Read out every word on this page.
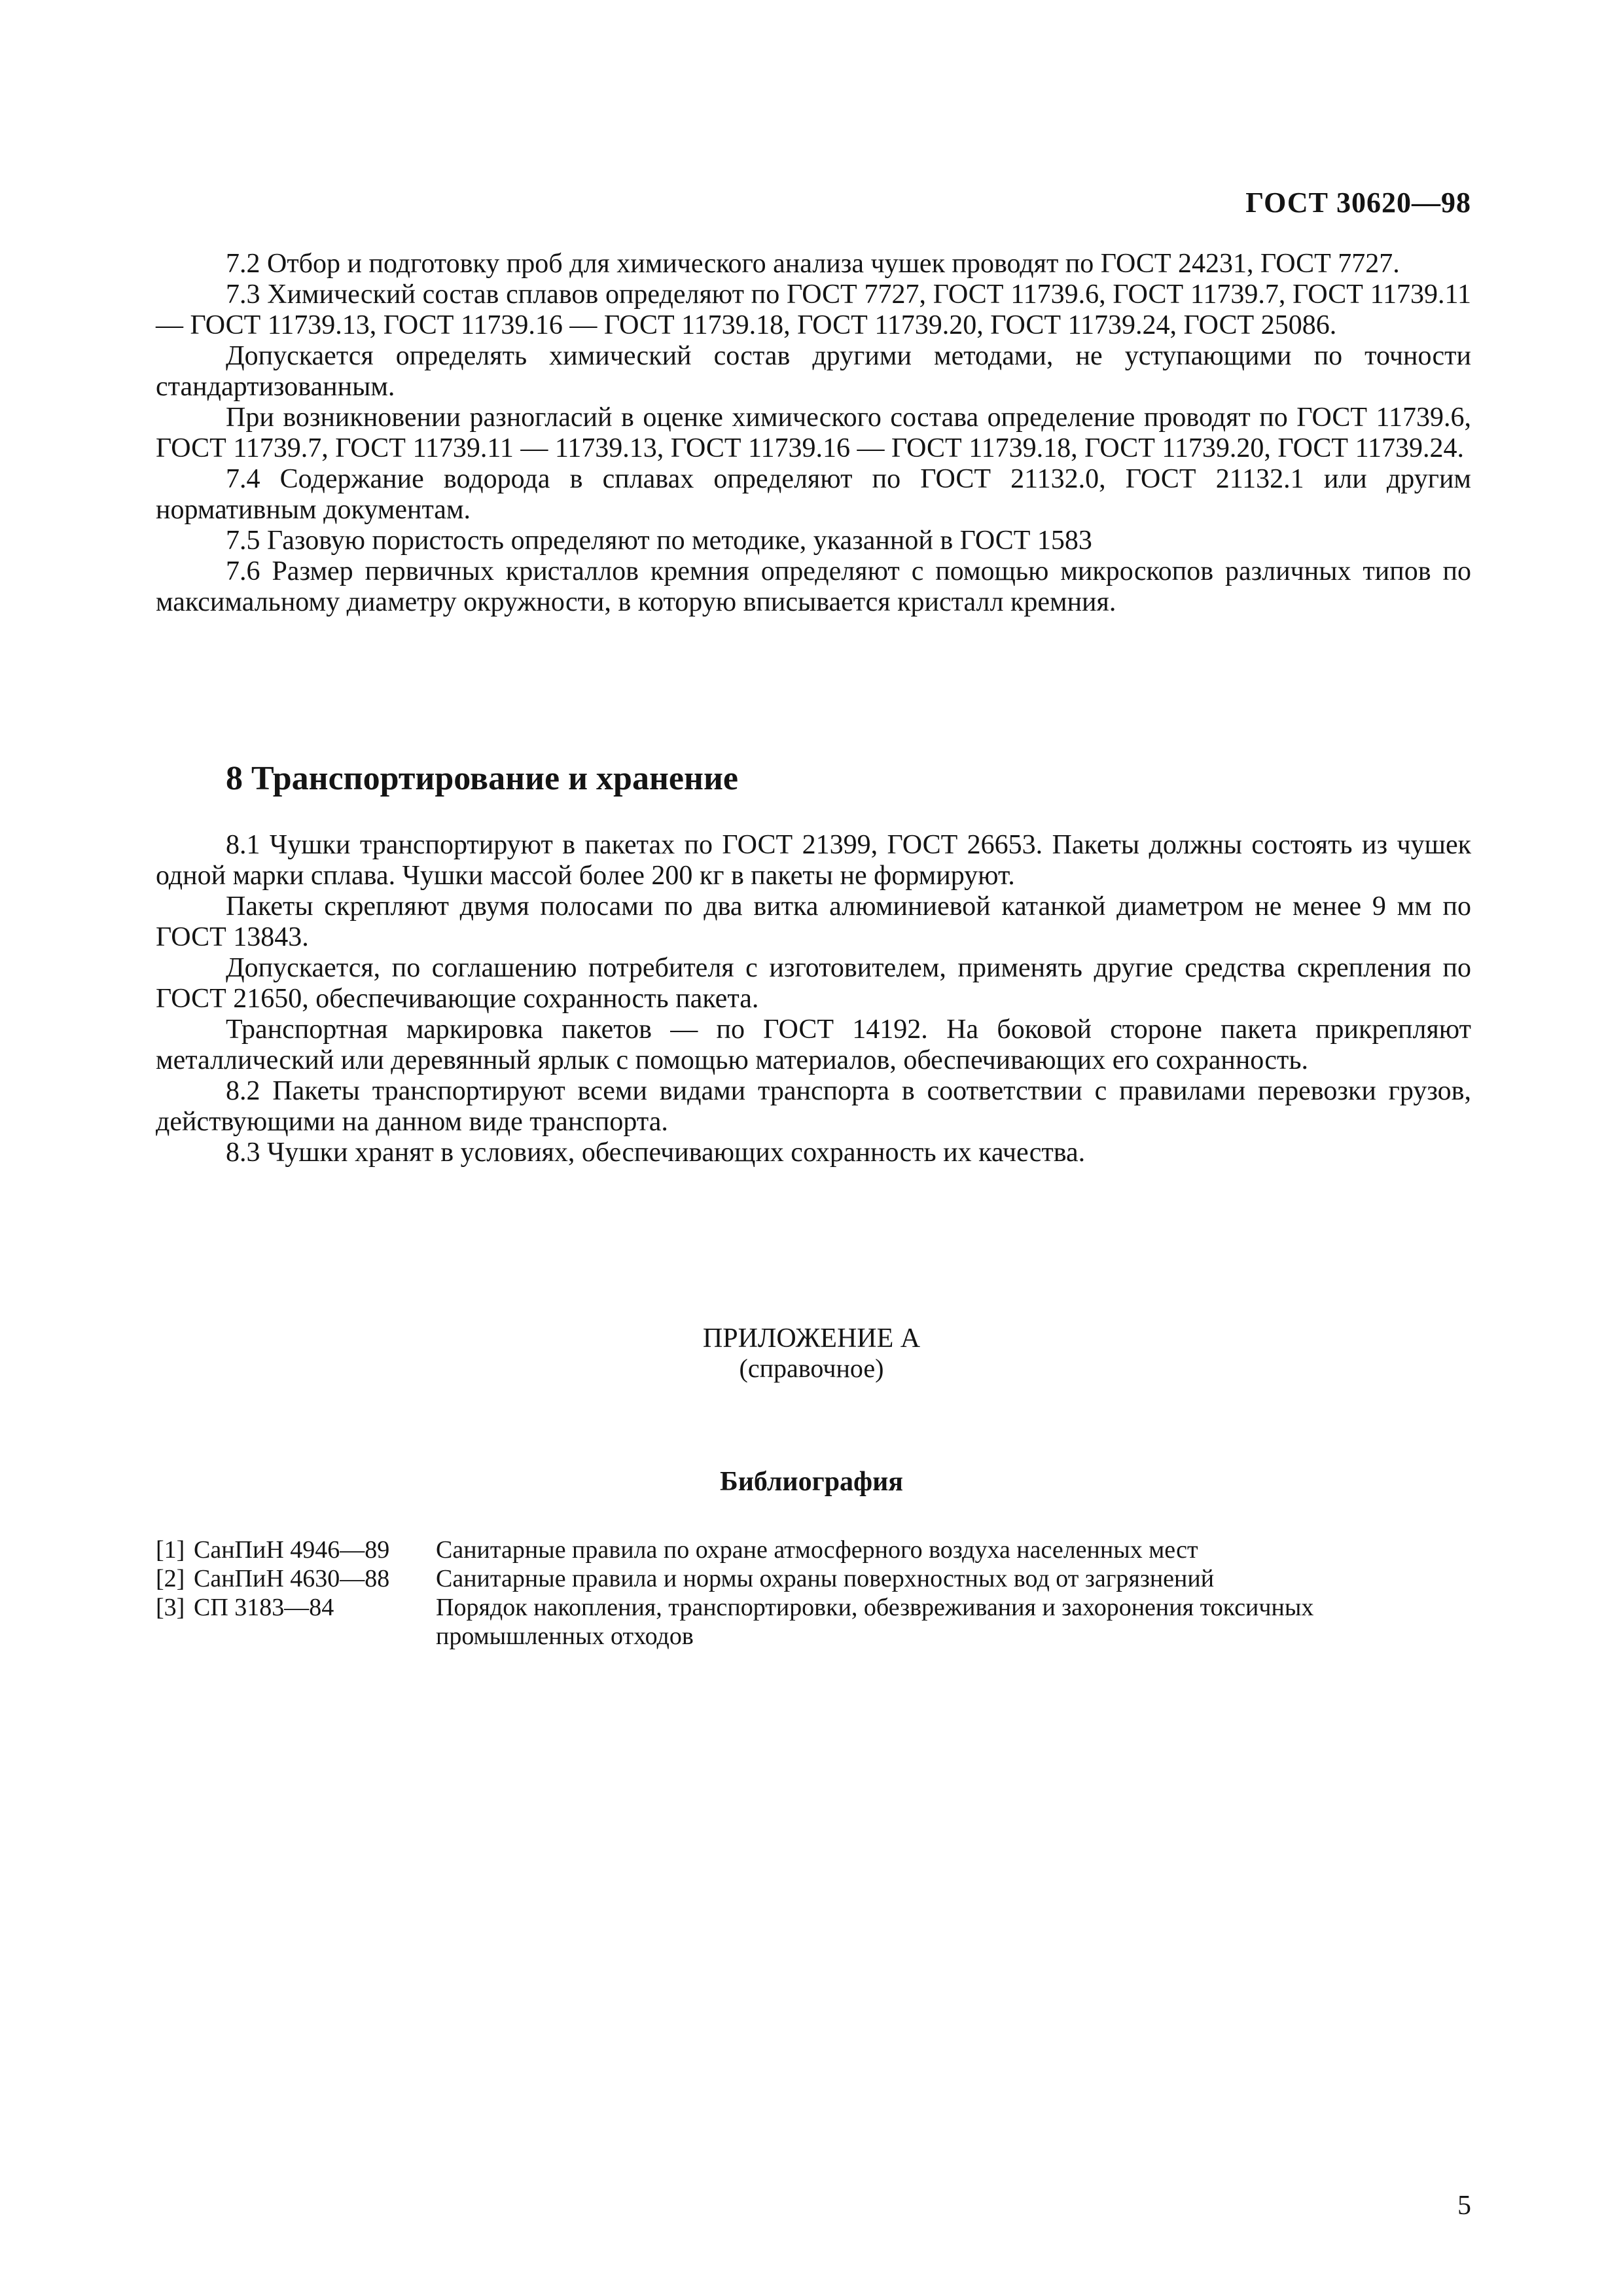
ГОСТ 30620—98

7.2 Отбор и подготовку проб для химического анализа чушек проводят по ГОСТ 24231, ГОСТ 7727.

7.3 Химический состав сплавов определяют по ГОСТ 7727, ГОСТ 11739.6, ГОСТ 11739.7, ГОСТ 11739.11 — ГОСТ 11739.13, ГОСТ 11739.16 — ГОСТ 11739.18, ГОСТ 11739.20, ГОСТ 11739.24, ГОСТ 25086.

Допускается определять химический состав другими методами, не уступающими по точности стандартизованным.

При возникновении разногласий в оценке химического состава определение проводят по ГОСТ 11739.6, ГОСТ 11739.7, ГОСТ 11739.11 — 11739.13, ГОСТ 11739.16 — ГОСТ 11739.18, ГОСТ 11739.20, ГОСТ 11739.24.

7.4 Содержание водорода в сплавах определяют по ГОСТ 21132.0, ГОСТ 21132.1 или другим нормативным документам.

7.5 Газовую пористость определяют по методике, указанной в ГОСТ 1583

7.6 Размер первичных кристаллов кремния определяют с помощью микроскопов различных типов по максимальному диаметру окружности, в которую вписывается кристалл кремния.

8 Транспортирование и хранение

8.1 Чушки транспортируют в пакетах по ГОСТ 21399, ГОСТ 26653. Пакеты должны состоять из чушек одной марки сплава. Чушки массой более 200 кг в пакеты не формируют.

Пакеты скрепляют двумя полосами по два витка алюминиевой катанкой диаметром не менее 9 мм по ГОСТ 13843.

Допускается, по соглашению потребителя с изготовителем, применять другие средства скрепления по ГОСТ 21650, обеспечивающие сохранность пакета.

Транспортная маркировка пакетов — по ГОСТ 14192. На боковой стороне пакета прикрепляют металлический или деревянный ярлык с помощью материалов, обеспечивающих его сохранность.

8.2 Пакеты транспортируют всеми видами транспорта в соответствии с правилами перевозки грузов, действующими на данном виде транспорта.

8.3 Чушки хранят в условиях, обеспечивающих сохранность их качества.

ПРИЛОЖЕНИЕ А
(справочное)
Библиография
[1] СанПиН 4946—89	Санитарные правила по охране атмосферного воздуха населенных мест
[2] СанПиН 4630—88	Санитарные правила и нормы охраны поверхностных вод от загрязнений
[3] СП 3183—84	Порядок накопления, транспортировки, обезвреживания и захоронения токсичных промышленных отходов
5
